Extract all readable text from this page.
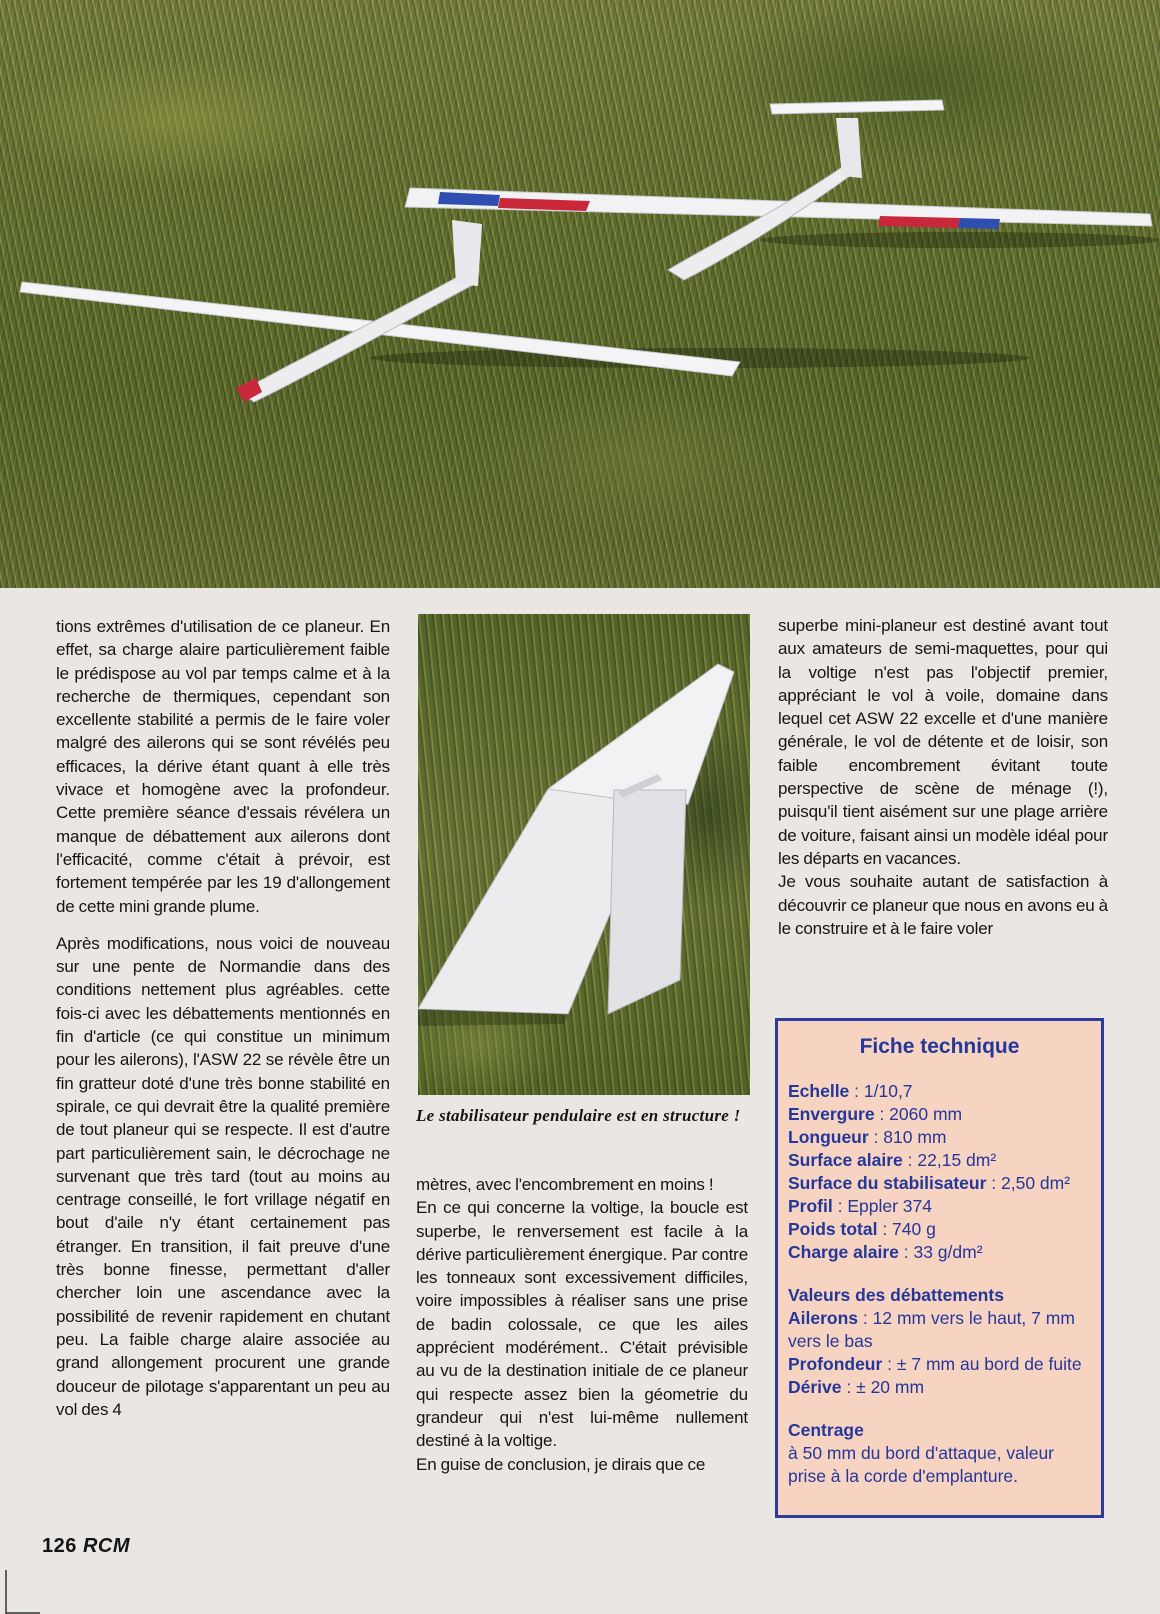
tions extrêmes d'utilisation de ce planeur. En effet, sa charge alaire particulièrement faible le prédispose au vol par temps calme et à la recherche de thermiques, cependant son excellente stabilité a permis de le faire voler malgré des ailerons qui se sont révélés peu efficaces, la dérive étant quant à elle très vivace et homogène avec la profondeur. Cette première séance d'essais révélera un manque de débattement aux ailerons dont l'efficacité, comme c'était à prévoir, est fortement tempérée par les 19 d'allongement de cette mini grande plume.

Après modifications, nous voici de nouveau sur une pente de Normandie dans des conditions nettement plus agréables. cette fois-ci avec les débattements mentionnés en fin d'article (ce qui constitue un minimum pour les ailerons), l'ASW 22 se révèle être un fin gratteur doté d'une très bonne stabilité en spirale, ce qui devrait être la qualité première de tout planeur qui se respecte. Il est d'autre part particulièrement sain, le décrochage ne survenant que très tard (tout au moins au centrage conseillé, le fort vrillage négatif en bout d'aile n'y étant certainement pas étranger. En transition, il fait preuve d'une très bonne finesse, permettant d'aller chercher loin une ascendance avec la possibilité de revenir rapidement en chutant peu. La faible charge alaire associée au grand allongement procurent une grande douceur de pilotage s'apparentant un peu au vol des 4

Le stabilisateur pendulaire est en structure !

mètres, avec l'encombrement en moins !

En ce qui concerne la voltige, la boucle est superbe, le renversement est facile à la dérive particulièrement énergique. Par contre les tonneaux sont excessivement difficiles, voire impossibles à réaliser sans une prise de badin colossale, ce que les ailes apprécient modérément.. C'était prévisible au vu de la destination initiale de ce planeur qui respecte assez bien la géometrie du grandeur qui n'est lui-même nullement destiné à la voltige.

En guise de conclusion, je dirais que ce

superbe mini-planeur est destiné avant tout aux amateurs de semi-maquettes, pour qui la voltige n'est pas l'objectif premier, appréciant le vol à voile, domaine dans lequel cet ASW 22 excelle et d'une manière générale, le vol de détente et de loisir, son faible encombrement évitant toute perspective de scène de ménage (!), puisqu'il tient aisément sur une plage arrière de voiture, faisant ainsi un modèle idéal pour les départs en vacances.

Je vous souhaite autant de satisfaction à découvrir ce planeur que nous en avons eu à le construire et à le faire voler

Fiche technique
Echelle : 1/10,7
Envergure : 2060 mm
Longueur : 810 mm
Surface alaire : 22,15 dm²
Surface du stabilisateur : 2,50 dm²
Profil : Eppler 374
Poids total : 740 g
Charge alaire : 33 g/dm²
Valeurs des débattements
Ailerons : 12 mm vers le haut, 7 mm vers le bas
Profondeur : ± 7 mm au bord de fuite
Dérive : ± 20 mm
Centrage
à 50 mm du bord d'attaque, valeur prise à la corde d'emplanture.
126 RCM
